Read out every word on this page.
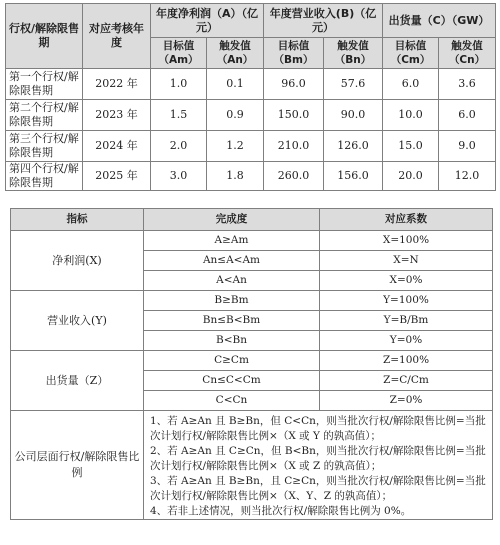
行权/解除限售期	对应考核年度	年度净利润（A）（亿元）		年度营业收入(B)（亿元）		出货量（C）（GW）	
		目标值（Am）	触发值（An）	目标值（Bm）	触发值（Bn）	目标值（Cm）	触发值（Cn）
第一个行权/解除限售期	2022 年	1.0	0.1	96.0	57.6	6.0	3.6
第二个行权/解除限售期	2023 年	1.5	0.9	150.0	90.0	10.0	6.0
第三个行权/解除限售期	2024 年	2.0	1.2	210.0	126.0	15.0	9.0
第四个行权/解除限售期	2025 年	3.0	1.8	260.0	156.0	20.0	12.0
指标	完成度	对应系数
净利润(X)	A≥Am	X=100%
	An≤A<Am	X=N
	A<An	X=0%
营业收入(Y)	B≥Bm	Y=100%
	Bn≤B<Bm	Y=B/Bm
	B<Bn	Y=0%
出货量（Z）	C≥Cm	Z=100%
	Cn≤C<Cm	Z=C/Cm
	C<Cn	Z=0%
公司层面行权/解除限售比例	1、若 A≥An 且 B≥Bn，但 C<Cn，则当批次行权/解除限售比例=当批次计划行权/解除限售比例×（X 或 Y 的孰高值）；
2、若 A≥An 且 C≥Cn，但 B<Bn，则当批次行权/解除限售比例=当批次计划行权/解除限售比例×（X 或 Z 的孰高值）；
3、若 A≥An 且 B≥Bn，且 C≥Cn，则当批次行权/解除限售比例=当批次计划行权/解除限售比例×（X、Y、Z 的孰高值）；
4、若非上述情况，则当批次行权/解除限售比例为 0%。	
